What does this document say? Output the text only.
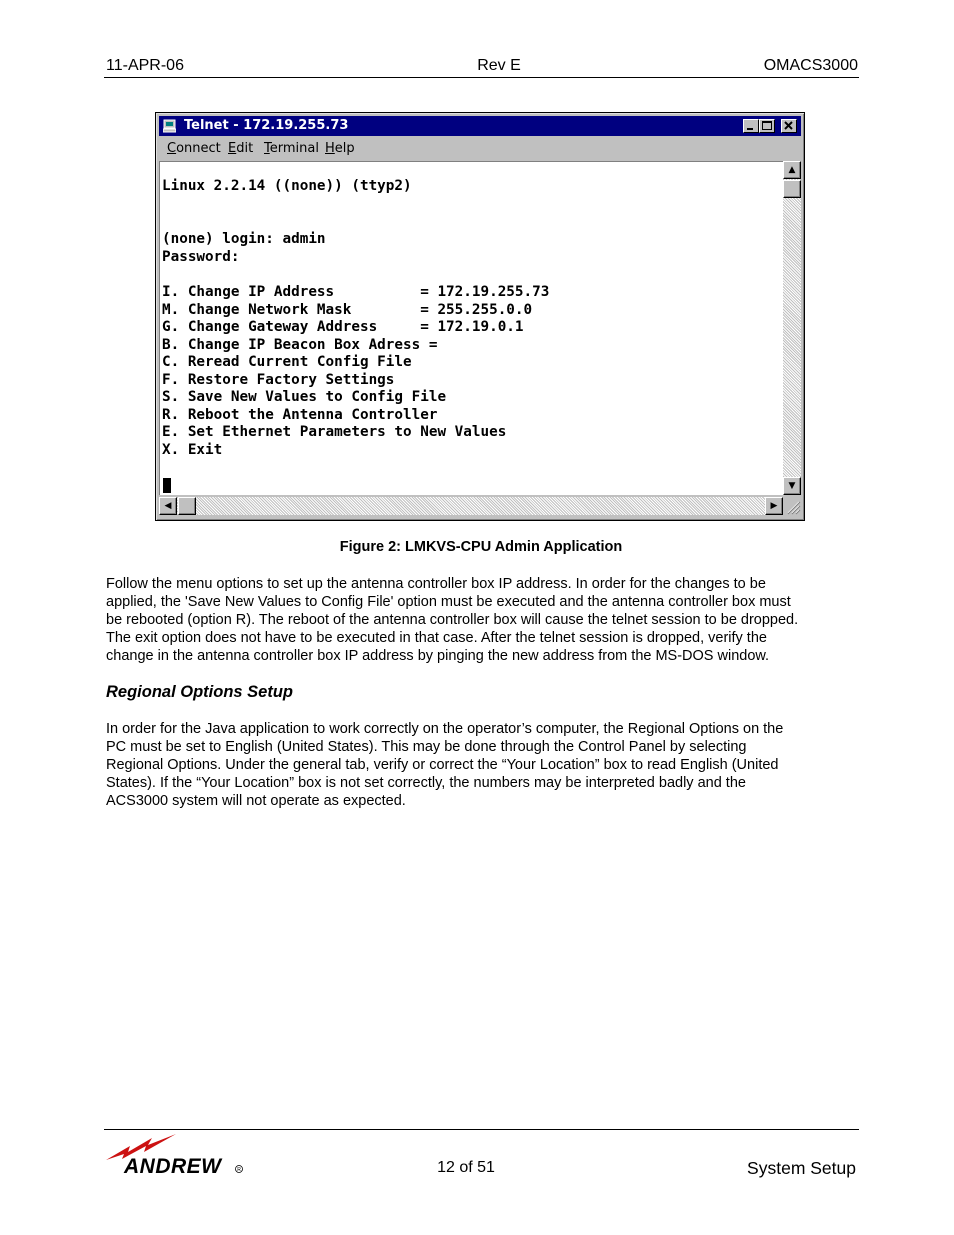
11-APR-06	Rev E	OMACS3000
Telnet - 172.19.255.73
Connect Edit Terminal Help
Linux 2.2.14 ((none)) (ttyp2)
(none) login: admin
Password:
I. Change IP Address          = 172.19.255.73
M. Change Network Mask        = 255.255.0.0
G. Change Gateway Address     = 172.19.0.1
B. Change IP Beacon Box Adress =
C. Reread Current Config File
F. Restore Factory Settings
S. Save New Values to Config File
R. Reboot the Antenna Controller
E. Set Ethernet Parameters to New Values
X. Exit
▲
▼
◀	▶
Figure 2: LMKVS-CPU Admin Application
Follow the menu options to set up the antenna controller box IP address. In order for the changes to be
applied, the 'Save New Values to Config File' option must be executed and the antenna controller box must
be rebooted (option R). The reboot of the antenna controller box will cause the telnet session to be dropped.
The exit option does not have to be executed in that case. After the telnet session is dropped, verify the
change in the antenna controller box IP address by pinging the new address from the MS-DOS window.
Regional Options Setup
In order for the Java application to work correctly on the operator’s computer, the Regional Options on the
PC must be set to English (United States). This may be done through the Control Panel by selecting
Regional Options. Under the general tab, verify or correct the “Your Location” box to read English (United
States). If the “Your Location” box is not set correctly, the numbers may be interpreted badly and the
ACS3000 system will not operate as expected.
ANDREW	R	12 of 51	System Setup
